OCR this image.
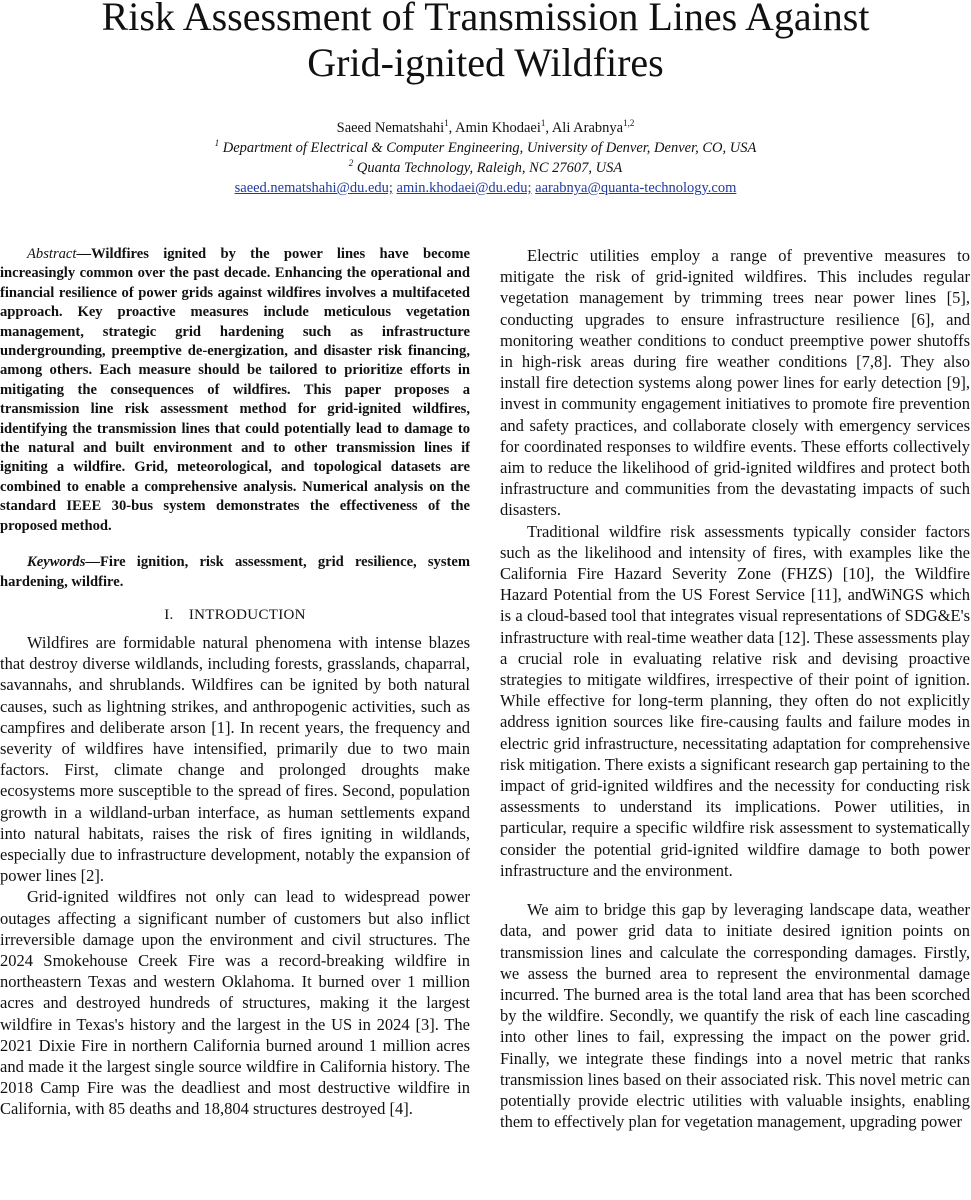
Risk Assessment of Transmission Lines Against
Grid-ignited Wildfires
Saeed Nematshahi$^1$, Amin Khodaei$^1$, Ali Arabnya$^{1,2}$
$^1$ Department of Electrical & Computer Engineering, University of Denver, Denver, CO, USA
$^2$ Quanta Technology, Raleigh, NC 27607, USA
saeed.nematshahi@du.edu; amin.khodaei@du.edu; aarabnya@quanta-technology.com

Abstract—Wildfires ignited by the power lines have become increasingly common over the past decade. Enhancing the operational and financial resilience of power grids against wildfires involves a multifaceted approach. Key proactive measures include meticulous vegetation management, strategic grid hardening such as infrastructure undergrounding, preemptive de-energization, and disaster risk financing, among others. Each measure should be tailored to prioritize efforts in mitigating the consequences of wildfires. This paper proposes a transmission line risk assessment method for grid-ignited wildfires, identifying the transmission lines that could potentially lead to damage to the natural and built environment and to other transmission lines if igniting a wildfire. Grid, meteorological, and topological datasets are combined to enable a comprehensive analysis. Numerical analysis on the standard IEEE 30-bus system demonstrates the effectiveness of the proposed method.

Keywords—Fire ignition, risk assessment, grid resilience, system hardening, wildfire.

I. INTRODUCTION

Wildfires are formidable natural phenomena with intense blazes that destroy diverse wildlands, including forests, grasslands, chaparral, savannahs, and shrublands. Wildfires can be ignited by both natural causes, such as lightning strikes, and anthropogenic activities, such as campfires and deliberate arson [1]. In recent years, the frequency and severity of wildfires have intensified, primarily due to two main factors. First, climate change and prolonged droughts make ecosystems more susceptible to the spread of fires. Second, population growth in a wildland-urban interface, as human settlements expand into natural habitats, raises the risk of fires igniting in wildlands, especially due to infrastructure development, notably the expansion of power lines [2].

Grid-ignited wildfires not only can lead to widespread power outages affecting a significant number of customers but also inflict irreversible damage upon the environment and civil structures. The 2024 Smokehouse Creek Fire was a record-breaking wildfire in northeastern Texas and western Oklahoma. It burned over 1 million acres and destroyed hundreds of structures, making it the largest wildfire in Texas's history and the largest in the US in 2024 [3]. The 2021 Dixie Fire in northern California burned around 1 million acres and made it the largest single source wildfire in California history. The 2018 Camp Fire was the deadliest and most destructive wildfire in California, with 85 deaths and 18,804 structures destroyed [4].

Electric utilities employ a range of preventive measures to mitigate the risk of grid-ignited wildfires. This includes regular vegetation management by trimming trees near power lines [5], conducting upgrades to ensure infrastructure resilience [6], and monitoring weather conditions to conduct preemptive power shutoffs in high-risk areas during fire weather conditions [7,8]. They also install fire detection systems along power lines for early detection [9], invest in community engagement initiatives to promote fire prevention and safety practices, and collaborate closely with emergency services for coordinated responses to wildfire events. These efforts collectively aim to reduce the likelihood of grid-ignited wildfires and protect both infrastructure and communities from the devastating impacts of such disasters.

Traditional wildfire risk assessments typically consider factors such as the likelihood and intensity of fires, with examples like the California Fire Hazard Severity Zone (FHZS) [10], the Wildfire Hazard Potential from the US Forest Service [11], andWiNGS which is a cloud-based tool that integrates visual representations of SDG&E's infrastructure with real-time weather data [12]. These assessments play a crucial role in evaluating relative risk and devising proactive strategies to mitigate wildfires, irrespective of their point of ignition. While effective for long-term planning, they often do not explicitly address ignition sources like fire-causing faults and failure modes in electric grid infrastructure, necessitating adaptation for comprehensive risk mitigation. There exists a significant research gap pertaining to the impact of grid-ignited wildfires and the necessity for conducting risk assessments to understand its implications. Power utilities, in particular, require a specific wildfire risk assessment to systematically consider the potential grid-ignited wildfire damage to both power infrastructure and the environment.

We aim to bridge this gap by leveraging landscape data, weather data, and power grid data to initiate desired ignition points on transmission lines and calculate the corresponding damages. Firstly, we assess the burned area to represent the environmental damage incurred. The burned area is the total land area that has been scorched by the wildfire. Secondly, we quantify the risk of each line cascading into other lines to fail, expressing the impact on the power grid. Finally, we integrate these findings into a novel metric that ranks transmission lines based on their associated risk. This novel metric can potentially provide electric utilities with valuable insights, enabling them to effectively plan for vegetation management, upgrading power
